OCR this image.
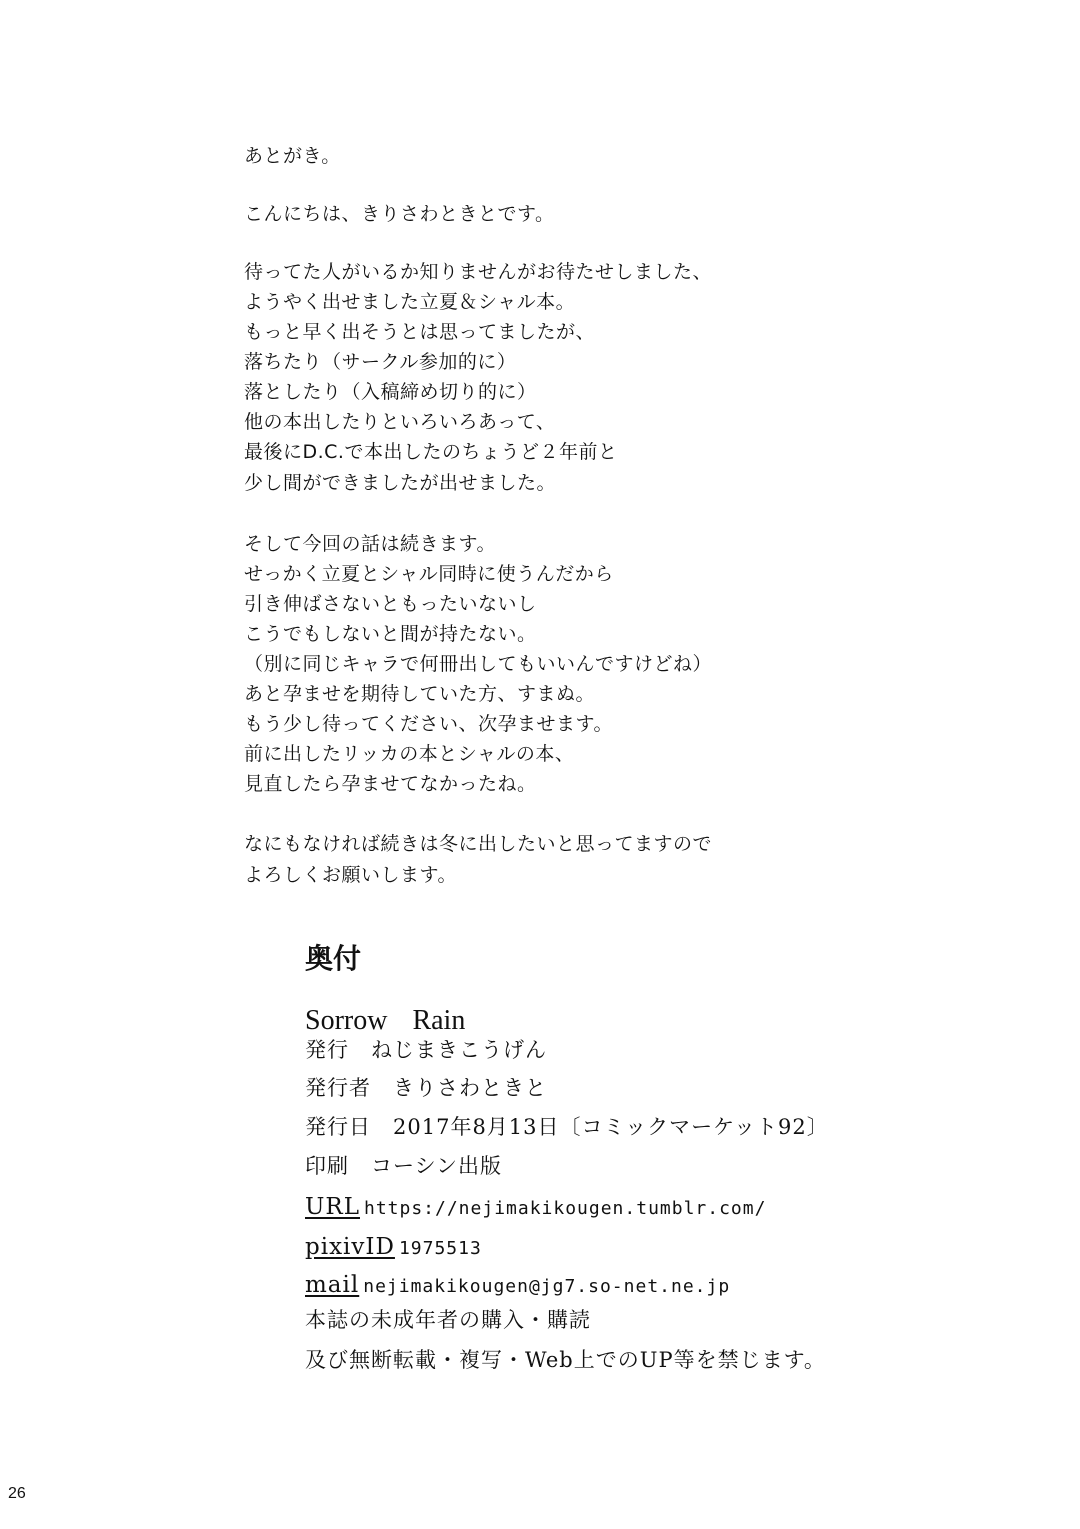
あとがき。
こんにちは、きりさわときとです。
待ってた人がいるか知りませんがお待たせしました、
ようやく出せました立夏＆シャル本。
もっと早く出そうとは思ってましたが、
落ちたり（サークル参加的に）
落としたり（入稿締め切り的に）
他の本出したりといろいろあって、
最後にD.C.で本出したのちょうど２年前と
少し間ができましたが出せました。
そして今回の話は続きます。
せっかく立夏とシャル同時に使うんだから
引き伸ばさないともったいないし
こうでもしないと間が持たない。
（別に同じキャラで何冊出してもいいんですけどね）
あと孕ませを期待していた方、すまぬ。
もう少し待ってください、次孕ませます。
前に出したリッカの本とシャルの本、
見直したら孕ませてなかったね。
なにもなければ続きは冬に出したいと思ってますので
よろしくお願いします。
奥付
Sorrow Rain
発行 ねじまきこうげん
発行者 きりさわときと
発行日 2017年8月13日〔コミックマーケット92〕
印刷 コーシン出版
URL https://nejimakikougen.tumblr.com/
pixivID 1975513
mail nejimakikougen@jg7.so-net.ne.jp
本誌の未成年者の購入・購読
及び無断転載・複写・Web上でのUP等を禁じます。
26
